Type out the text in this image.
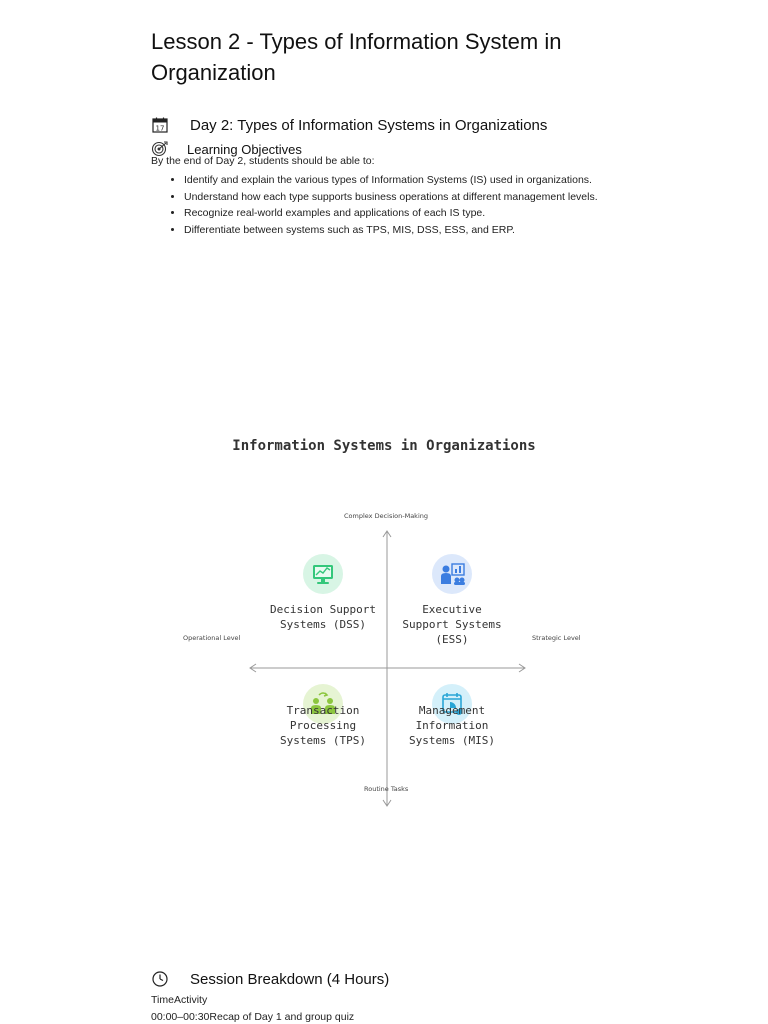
Lesson 2 - Types of Information System in Organization
17 Day 2: Types of Information Systems in Organizations
Learning Objectives
By the end of Day 2, students should be able to:
• Identify and explain the various types of Information Systems (IS) used in organizations.
• Understand how each type supports business operations at different management levels.
• Recognize real-world examples and applications of each IS type.
• Differentiate between systems such as TPS, MIS, DSS, ESS, and ERP.
Information Systems in Organizations
Complex Decision-Making
Routine Tasks
Operational Level	Strategic Level
Decision Support Systems (DSS)
Executive Support Systems (ESS)
Transaction Processing Systems (TPS)
Management Information Systems (MIS)
Session Breakdown (4 Hours)
TimeActivity
00:00–00:30Recap of Day 1 and group quiz
